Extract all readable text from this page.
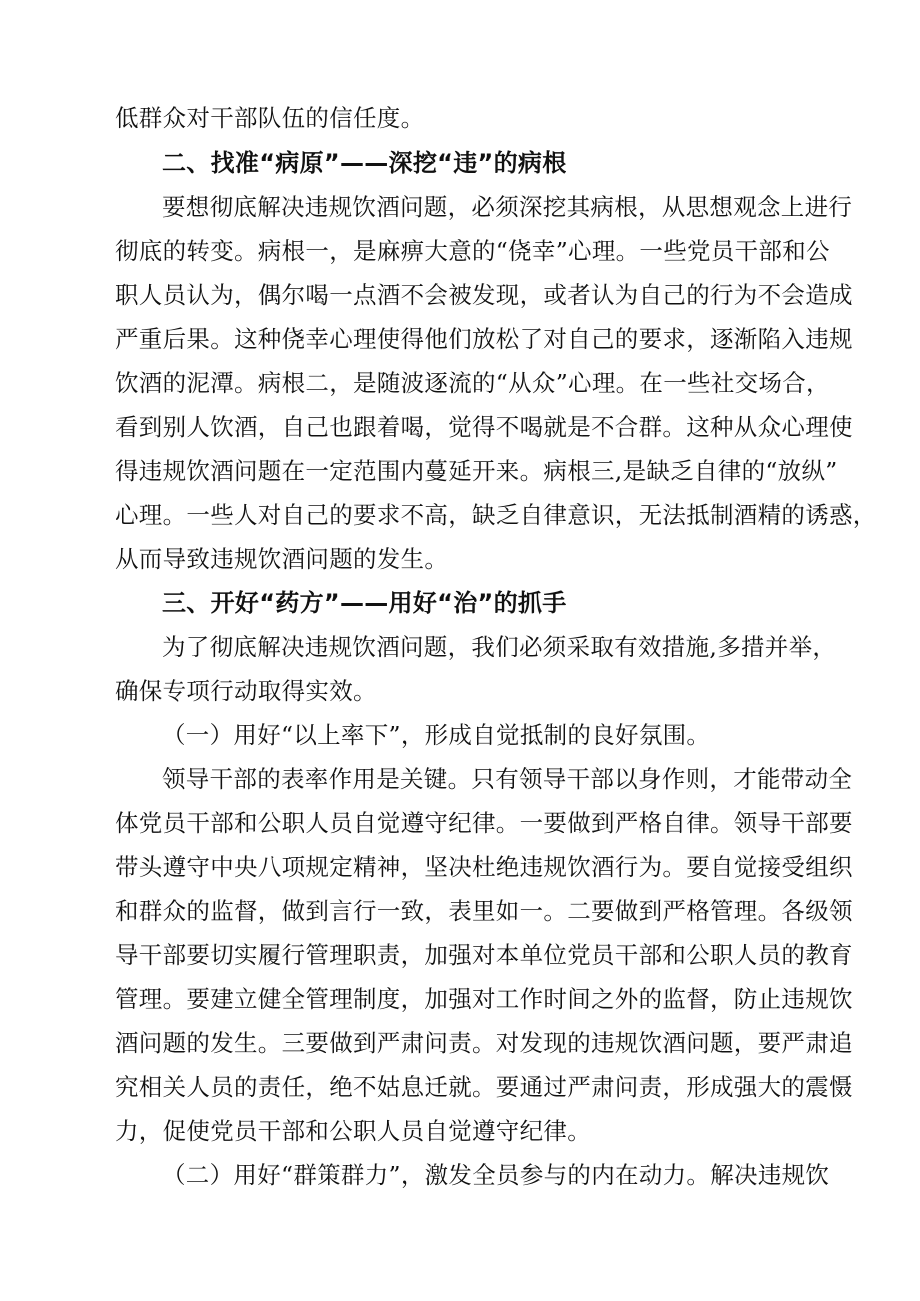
低群众对干部队伍的信任度。
二、找准“病原”——深挖“违”的病根
要想彻底解决违规饮酒问题，必须深挖其病根，从思想观念上进行
彻底的转变。病根一，是麻痹大意的“侥幸”心理。一些党员干部和公
职人员认为，偶尔喝一点酒不会被发现，或者认为自己的行为不会造成
严重后果。这种侥幸心理使得他们放松了对自己的要求，逐渐陷入违规
饮酒的泥潭。病根二，是随波逐流的“从众”心理。在一些社交场合，
看到别人饮酒，自己也跟着喝，觉得不喝就是不合群。这种从众心理使
得违规饮酒问题在一定范围内蔓延开来。病根三,是缺乏自律的“放纵”
心理。一些人对自己的要求不高，缺乏自律意识，无法抵制酒精的诱惑，
从而导致违规饮酒问题的发生。
三、开好“药方”——用好“治”的抓手
为了彻底解决违规饮酒问题，我们必须采取有效措施,多措并举，
确保专项行动取得实效。
（一）用好“以上率下”，形成自觉抵制的良好氛围。
领导干部的表率作用是关键。只有领导干部以身作则，才能带动全
体党员干部和公职人员自觉遵守纪律。一要做到严格自律。领导干部要
带头遵守中央八项规定精神，坚决杜绝违规饮酒行为。要自觉接受组织
和群众的监督，做到言行一致，表里如一。二要做到严格管理。各级领
导干部要切实履行管理职责，加强对本单位党员干部和公职人员的教育
管理。要建立健全管理制度，加强对工作时间之外的监督，防止违规饮
酒问题的发生。三要做到严肃问责。对发现的违规饮酒问题，要严肃追
究相关人员的责任，绝不姑息迁就。要通过严肃问责，形成强大的震慑
力，促使党员干部和公职人员自觉遵守纪律。
（二）用好“群策群力”，激发全员参与的内在动力。解决违规饮
